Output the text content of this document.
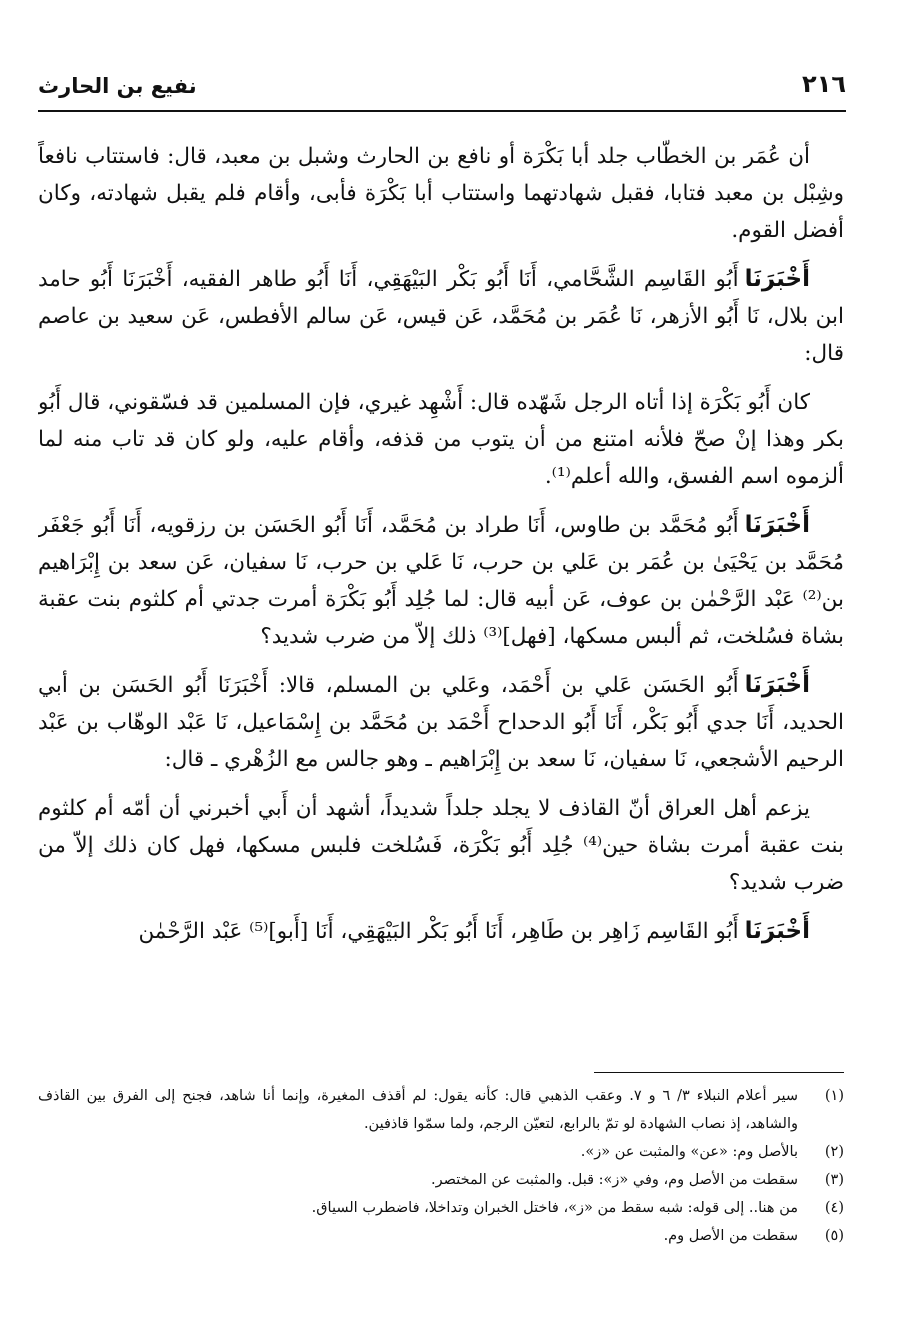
٢١٦
نفيع بن الحارث

أن عُمَر بن الخطّاب جلد أبا بَكْرَة أو نافع بن الحارث وشبل بن معبد، قال: فاستتاب نافعاً وشِبْل بن معبد فتابا، فقبل شهادتهما واستتاب أبا بَكْرَة فأبى، وأقام فلم يقبل شهادته، وكان أفضل القوم.

أَخْبَرَنَاأَبُو القَاسِم الشَّحَّامي، أَنَا أَبُو بَكْر البَيْهَقِي، أَنَا أَبُو طاهر الفقيه، أَخْبَرَنَا أَبُو حامد ابن بلال، نَا أَبُو الأزهر، نَا عُمَر بن مُحَمَّد، عَن قيس، عَن سالم الأفطس، عَن سعيد بن عاصم قال:

كان أَبُو بَكْرَة إذا أتاه الرجل شَهّده قال: أَشْهِد غيري، فإن المسلمين قد فسّقوني، قال أَبُو بكر وهذا إنْ صحّ فلأنه امتنع من أن يتوب من قذفه، وأقام عليه، ولو كان قد تاب منه لما ألزموه اسم الفسق، والله أعلم⁽¹⁾.

أَخْبَرَنَاأَبُو مُحَمَّد بن طاوس، أَنَا طراد بن مُحَمَّد، أَنَا أَبُو الحَسَن بن رزقويه، أَنَا أَبُو جَعْفَر مُحَمَّد بن يَحْيَىٰ بن عُمَر بن عَلي بن حرب، نَا عَلي بن حرب، نَا سفيان، عَن سعد بن إِبْرَاهيم بن⁽²⁾ عَبْد الرَّحْمٰن بن عوف، عَن أبيه قال: لما جُلِد أَبُو بَكْرَة أمرت جدتي أم كلثوم بنت عقبة بشاة فسُلخت، ثم ألبس مسكها، [فهل]⁽³⁾ ذلك إلاّ من ضرب شديد؟

أَخْبَرَنَاأَبُو الحَسَن عَلي بن أَحْمَد، وعَلي بن المسلم، قالا: أَخْبَرَنَا أَبُو الحَسَن بن أبي الحديد، أَنَا جدي أَبُو بَكْر، أَنَا أَبُو الدحداح أَحْمَد بن مُحَمَّد بن إِسْمَاعيل، نَا عَبْد الوهّاب بن عَبْد الرحيم الأشجعي، نَا سفيان، نَا سعد بن إِبْرَاهيم ـ وهو جالس مع الزُهْري ـ قال:

يزعم أهل العراق أنّ القاذف لا يجلد جلداً شديداً، أشهد أن أَبي أخبرني أن أمّه أم كلثوم بنت عقبة أمرت بشاة حين⁽⁴⁾ جُلِد أَبُو بَكْرَة، فَسُلخت فلبس مسكها، فهل كان ذلك إلاّ من ضرب شديد؟

أَخْبَرَنَاأَبُو القَاسِم زَاهِر بن طَاهِر، أَنَا أَبُو بَكْر البَيْهَقِي، أَنَا [أَبو]⁽⁵⁾ عَبْد الرَّحْمٰن

(١)
سير أعلام النبلاء ٣/ ٦ و ٧. وعقب الذهبي قال: كأنه يقول: لم أقذف المغيرة، وإنما أنا شاهد، فجنح إلى الفرق بين القاذف والشاهد، إذ نصاب الشهادة لو تمّ بالرابع، لتعيّن الرجم، ولما سمّوا قاذفين.
(٢)
بالأصل وم: «عن» والمثبت عن «ز».
(٣)
سقطت من الأصل وم، وفي «ز»: قبل. والمثبت عن المختصر.
(٤)
من هنا.. إلى قوله: شبه سقط من «ز»، فاختل الخبران وتداخلا، فاضطرب السياق.
(٥)
سقطت من الأصل وم.
